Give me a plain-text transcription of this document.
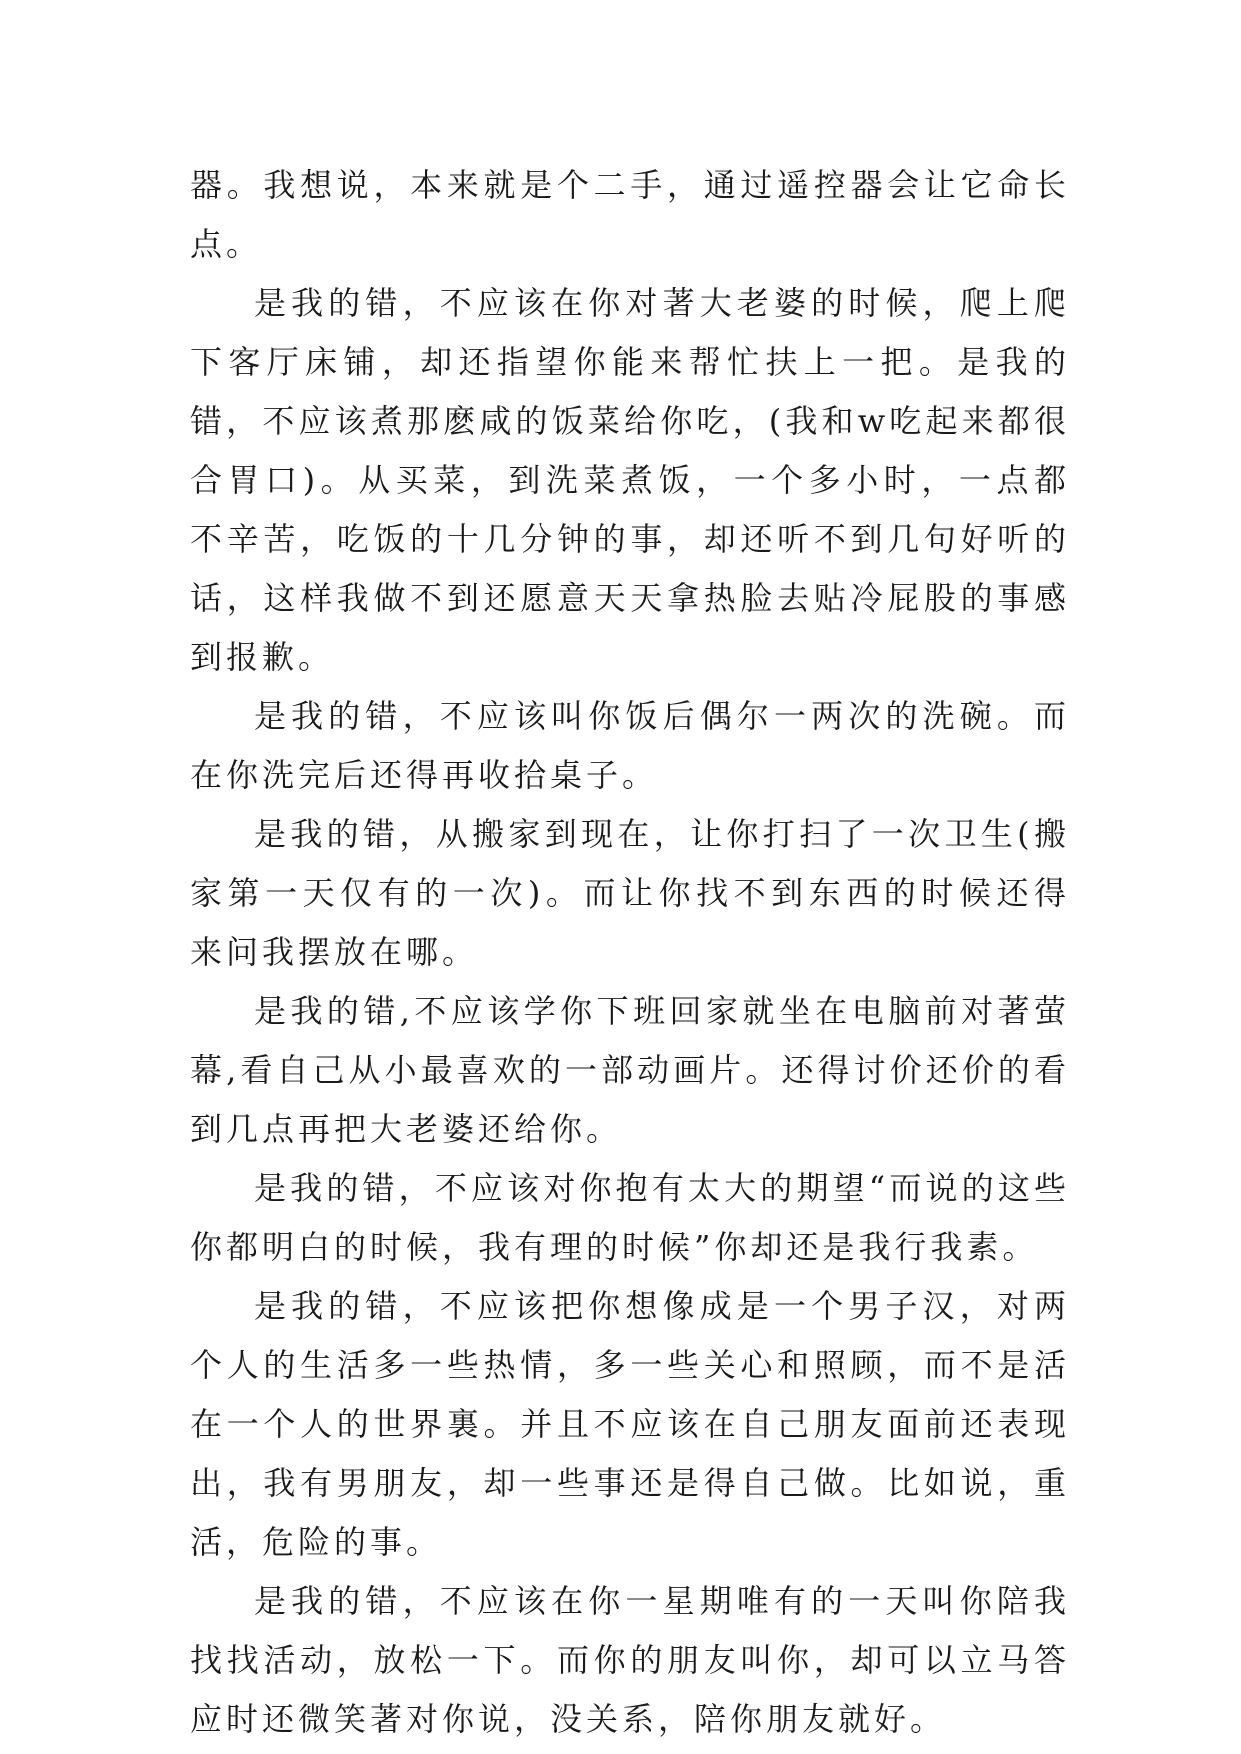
器。我想说，本来就是个二手，通过遥控器会让它命长点。

是我的错，不应该在你对著大老婆的时候，爬上爬下客厅床铺，却还指望你能来帮忙扶上一把。是我的错，不应该煮那麽咸的饭菜给你吃，(我和w吃起来都很合胃口)。从买菜，到洗菜煮饭，一个多小时，一点都不辛苦，吃饭的十几分钟的事，却还听不到几句好听的话，这样我做不到还愿意天天拿热脸去贴冷屁股的事感到报歉。

是我的错，不应该叫你饭后偶尔一两次的洗碗。而在你洗完后还得再收拾桌子。

是我的错，从搬家到现在，让你打扫了一次卫生(搬家第一天仅有的一次)。而让你找不到东西的时候还得来问我摆放在哪。

是我的错,不应该学你下班回家就坐在电脑前对著萤幕,看自己从小最喜欢的一部动画片。还得讨价还价的看到几点再把大老婆还给你。

是我的错，不应该对你抱有太大的期望“而说的这些你都明白的时候，我有理的时候”你却还是我行我素。

是我的错，不应该把你想像成是一个男子汉，对两个人的生活多一些热情，多一些关心和照顾，而不是活在一个人的世界裏。并且不应该在自己朋友面前还表现出，我有男朋友，却一些事还是得自己做。比如说，重活，危险的事。

是我的错，不应该在你一星期唯有的一天叫你陪我找找活动，放松一下。而你的朋友叫你，却可以立马答应时还微笑著对你说，没关系，陪你朋友就好。
